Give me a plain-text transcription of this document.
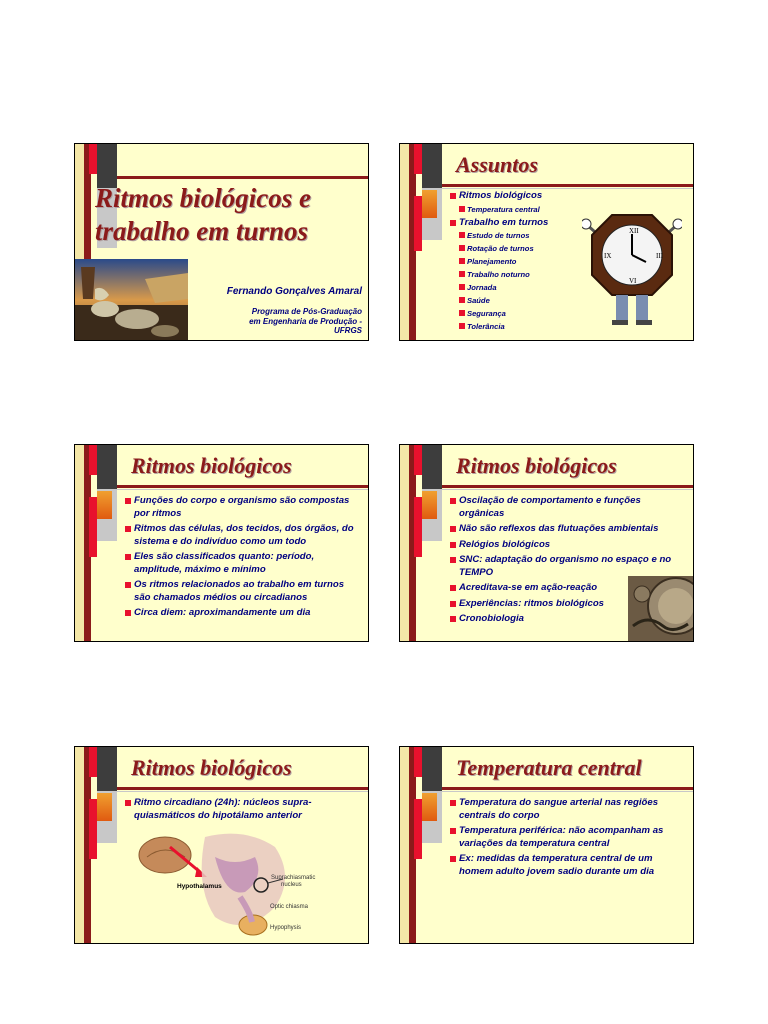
Ritmos biológicos e
trabalho em turnos
Fernando Gonçalves Amaral
Programa de Pós-Graduação
em Engenharia de Produção -
UFRGS
Assuntos
Ritmos biológicos
Temperatura central
Trabalho em turnos
Estudo de turnos
Rotação de turnos
Planejamento
Trabalho noturno
Jornada
Saúde
Segurança
Tolerância
XII
III
VI
IX
Ritmos biológicos
Funções do corpo e organismo são compostas por ritmos
Ritmos das células, dos tecidos, dos órgãos, do sistema e do indivíduo como um todo
Eles são classificados quanto: período, amplitude, máximo e mínimo
Os ritmos relacionados ao trabalho em turnos são chamados médios ou circadianos
Circa diem: aproximandamente um dia
Ritmos biológicos
Oscilação de comportamento e funções orgânicas
Não são reflexos das flutuações ambientais
Relógios biológicos
SNC: adaptação do organismo no espaço e no TEMPO
Acreditava-se em ação-reação
Experiências: ritmos biológicos
Cronobiologia
Ritmos biológicos
Ritmo circadiano (24h): núcleos supra-quiasmáticos do hipotálamo anterior
Hypothalamus
Suprachiasmatic
nucleus
Optic chiasma
Hypophysis
Temperatura central
Temperatura do sangue arterial nas regiões centrais do corpo
Temperatura periférica: não acompanham as variações da temperatura central
Ex: medidas da temperatura central de um homem adulto jovem sadio durante um dia
